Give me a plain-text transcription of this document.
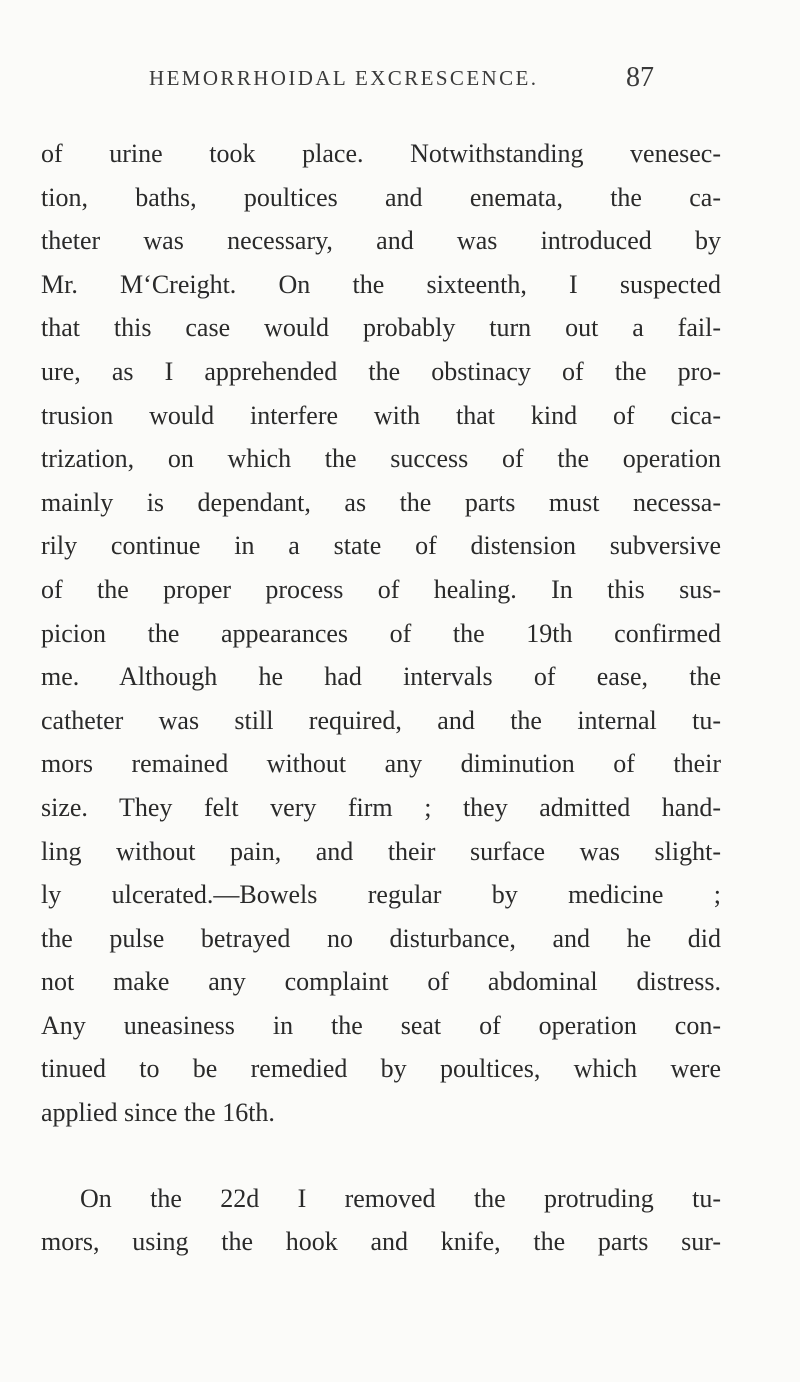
HEMORRHOIDAL EXCRESCENCE.	87
of urine took place. Notwithstanding venesec-
tion, baths, poultices and enemata, the ca-
theter was necessary, and was introduced by
Mr. M‘Creight. On the sixteenth, I suspected
that this case would probably turn out a fail-
ure, as I apprehended the obstinacy of the pro-
trusion would interfere with that kind of cica-
trization, on which the success of the operation
mainly is dependant, as the parts must necessa-
rily continue in a state of distension subversive
of the proper process of healing. In this sus-
picion the appearances of the 19th confirmed
me. Although he had intervals of ease, the
catheter was still required, and the internal tu-
mors remained without any diminution of their
size. They felt very firm ; they admitted hand-
ling without pain, and their surface was slight-
ly ulcerated.—Bowels regular by medicine ;
the pulse betrayed no disturbance, and he did
not make any complaint of abdominal distress.
Any uneasiness in the seat of operation con-
tinued to be remedied by poultices, which were
applied since the 16th.
On the 22d I removed the protruding tu-
mors, using the hook and knife, the parts sur-
